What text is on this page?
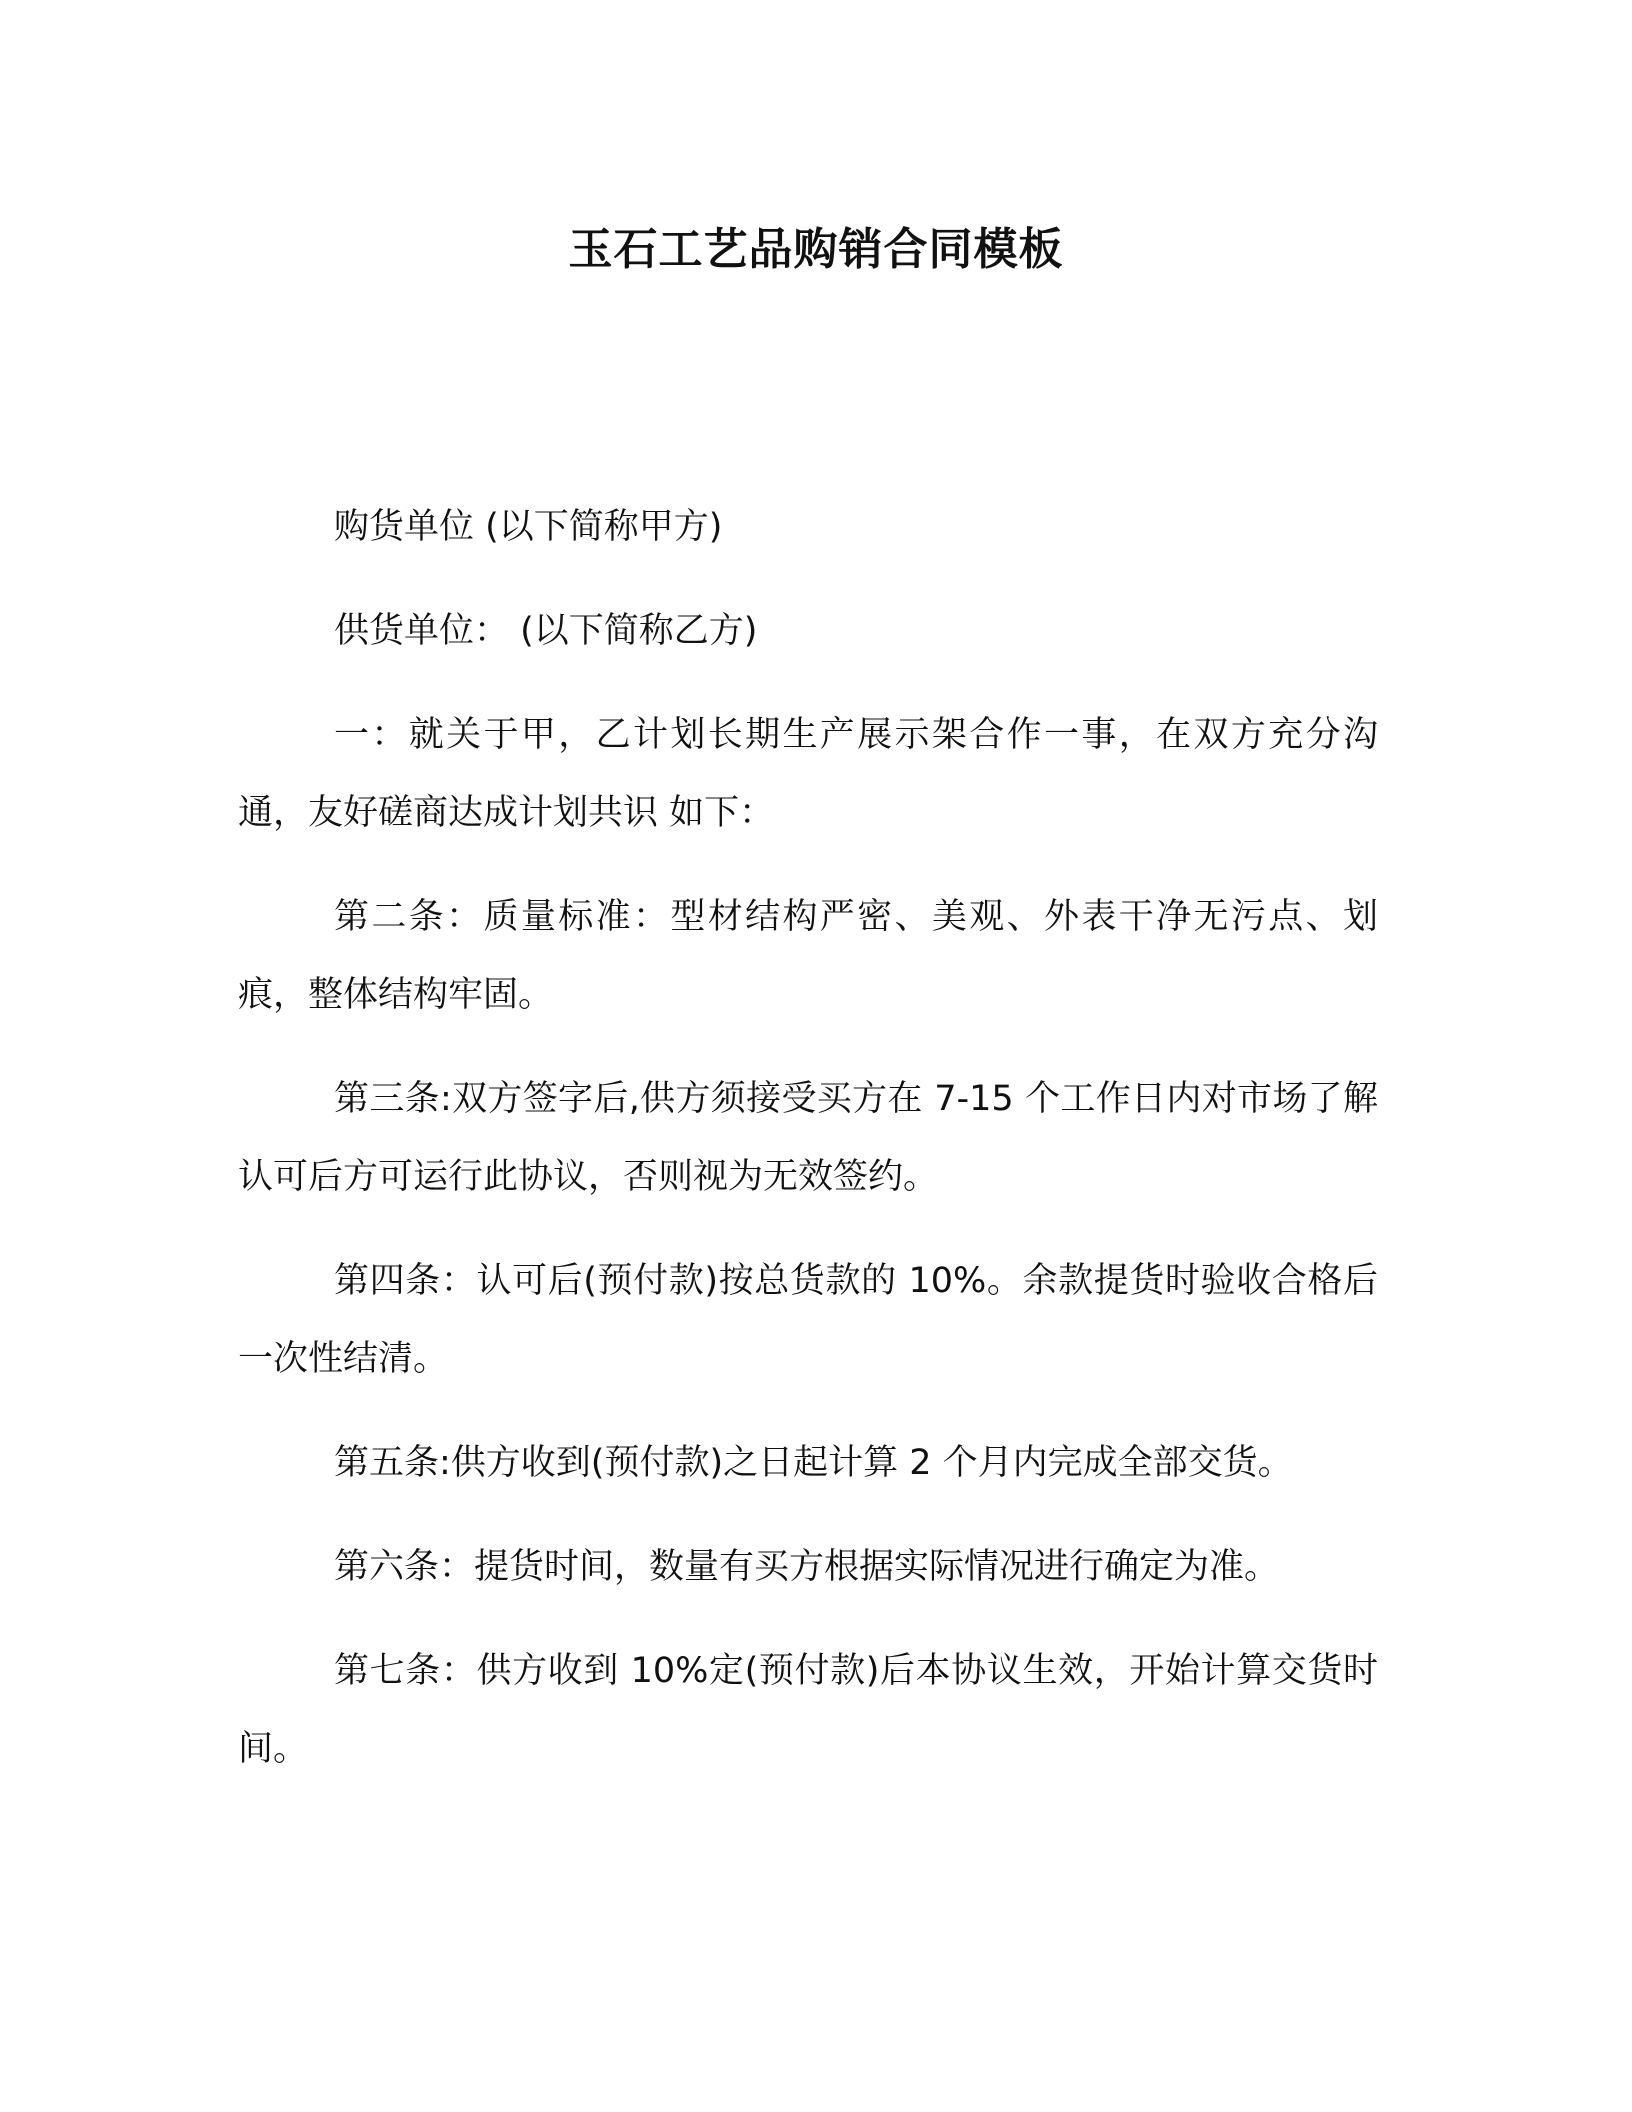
玉石工艺品购销合同模板

购货单位 (以下简称甲方)

供货单位： (以下简称乙方)

一：就关于甲，乙计划长期生产展示架合作一事，在双方充分沟通，友好磋商达成计划共识 如下：

第二条：质量标准：型材结构严密、美观、外表干净无污点、划痕，整体结构牢固。

第三条:双方签字后,供方须接受买方在 7-15 个工作日内对市场了解认可后方可运行此协议，否则视为无效签约。

第四条：认可后(预付款)按总货款的 10%。余款提货时验收合格后一次性结清。

第五条:供方收到(预付款)之日起计算 2 个月内完成全部交货。

第六条：提货时间，数量有买方根据实际情况进行确定为准。

第七条：供方收到 10%定(预付款)后本协议生效，开始计算交货时间。
